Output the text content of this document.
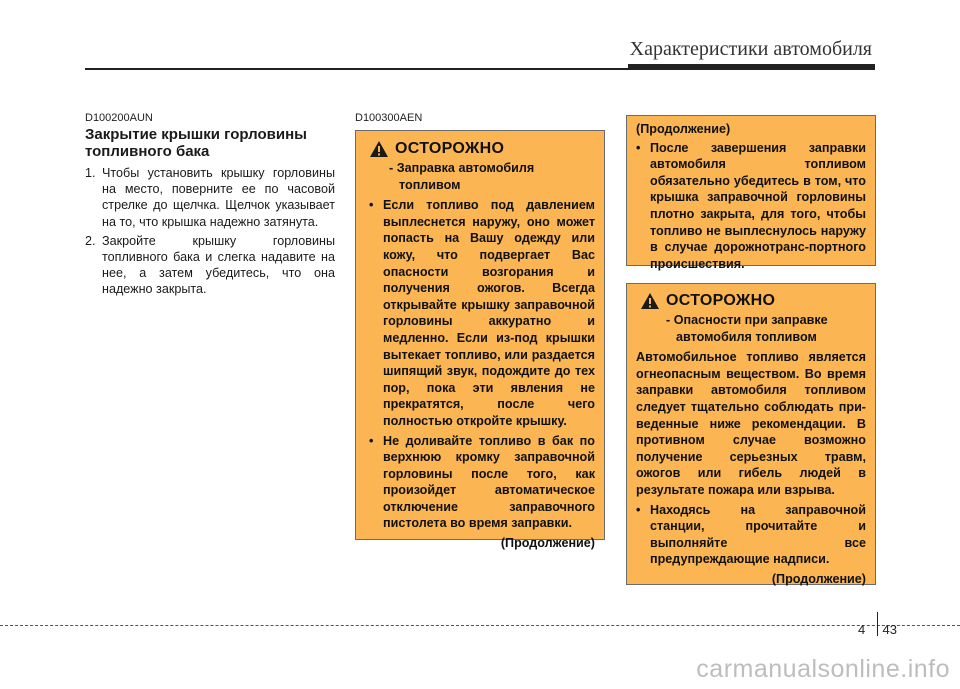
Характеристики автомобиля
D100200AUN
Закрытие крышки горловины топливного бака
1. Чтобы установить крышку горловины на место, поверните ее по часовой стрелке до щелчка. Щелчок указывает на то, что крышка надежно затянута.
2. Закройте крышку горловины топливного бака и слегка надавите на нее, а затем убедитесь, что она надежно закрыта.
D100300AEN
ОСТОРОЖНО
- Заправка автомобиля топливом
• Если топливо под давлением выплеснется наружу, оно может попасть на Вашу одежду или кожу, что подвергает Вас опасности возгорания и получения ожогов. Всегда открывайте крышку заправочной горловины аккуратно и медленно. Если из-под крышки вытекает топливо, или раздается шипящий звук, подождите до тех пор, пока эти явления не прекратятся, после чего полностью откройте крышку.
• Не доливайте топливо в бак по верхнюю кромку заправочной горловины после того, как произойдет автоматическое отключение заправочного пистолета во время заправки.
(Продолжение)
(Продолжение)
• После завершения заправки автомобиля топливом обязательно убедитесь в том, что крышка заправочной горловины плотно закрыта, для того, чтобы топливо не выплеснулось наружу в случае дорожнотранс-портного происшествия.
ОСТОРОЖНО
- Опасности при заправке автомобиля топливом
Автомобильное топливо является огнеопасным веществом. Во время заправки автомобиля топливом следует тщательно соблюдать при-веденные ниже рекомендации. В противном случае возможно получение серьезных травм, ожогов или гибель людей в результате пожара или взрыва.
• Находясь на заправочной станции, прочитайте и выполняйте все предупреждающие надписи.
(Продолжение)
4 43
carmanualsonline.info
